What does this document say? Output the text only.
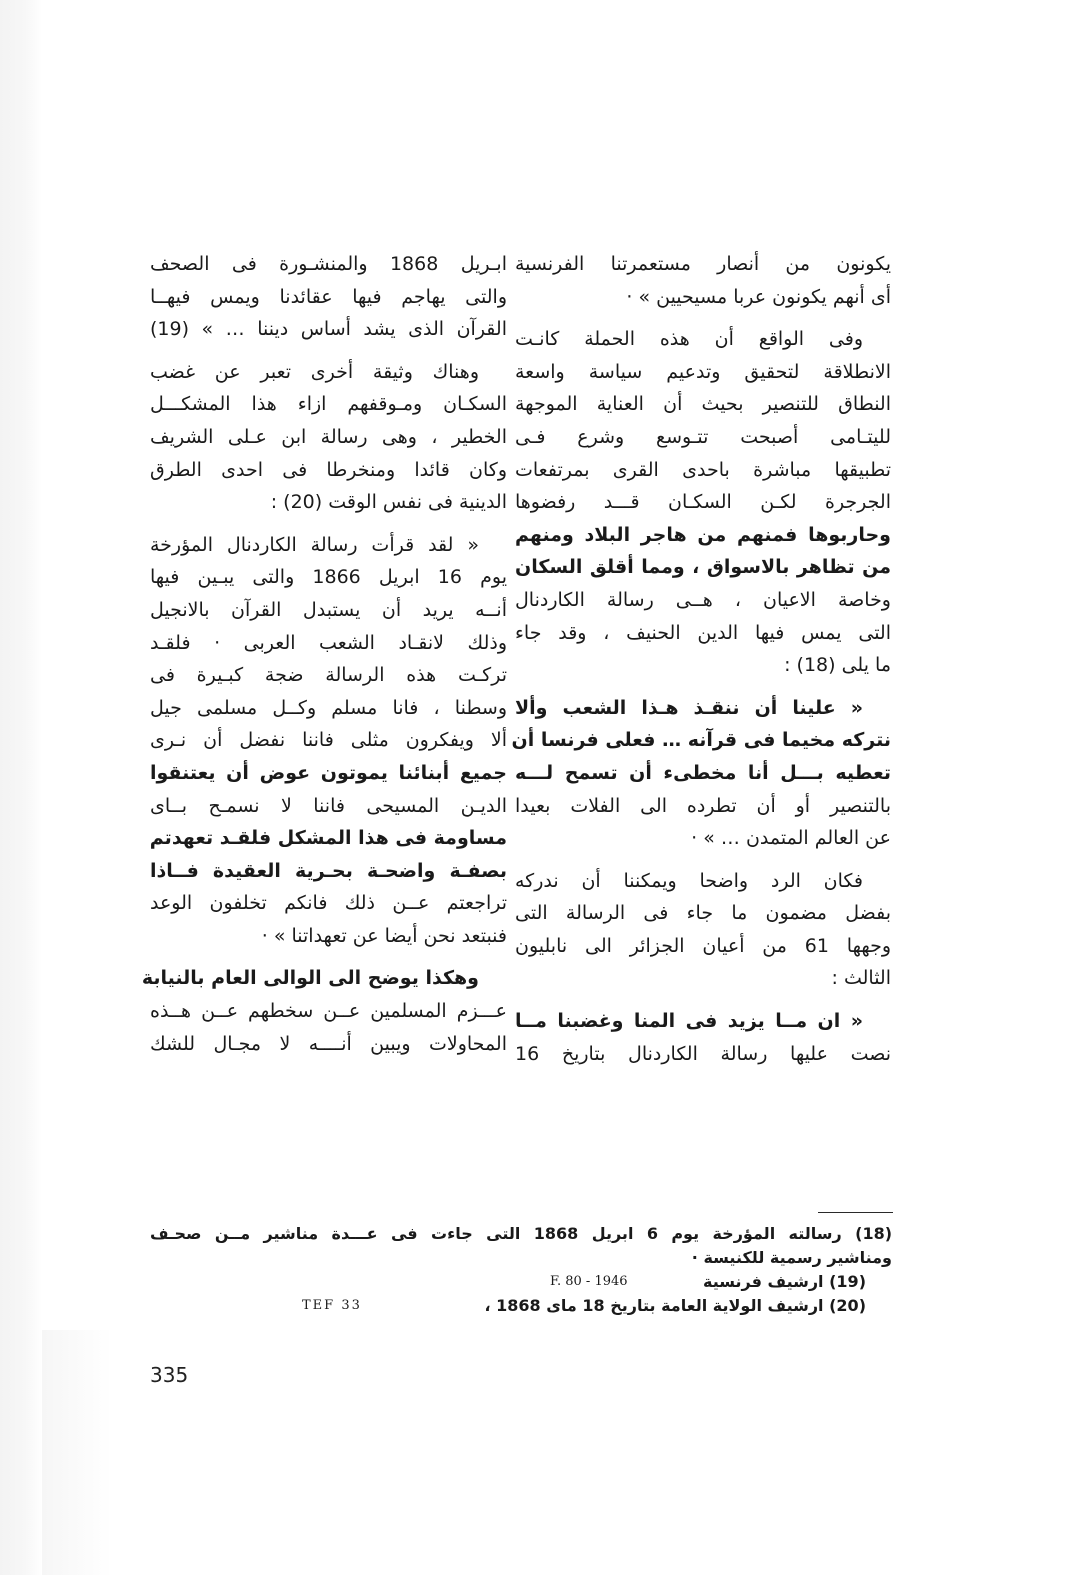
يكونون من أنصار مستعمرتنا الفرنسية
أى أنهم يكونون عربا مسيحيين » ·
وفى الواقع أن هذه الحملة كانـت
الانطلاقة لتحقيق وتدعيم سياسة واسعة
النطاق للتنصير بحيث أن العناية الموجهة
لليتـامى أصبحت تتـوسع وشرع فـى
تطبيقها مباشرة باحدى القرى بمرتفعات
الجرجرة لكـن السكـان قـــد رفضوها
وحاربوها فمنهم من هاجر البلاد ومنهم
من تظاهر بالاسواق ، ومما أقلق السكان
وخاصة الاعيان ، هــى رسالة الكاردنال
التى يمس فيها الدين الحنيف ، وقد جاء
ما يلى (18) :
« علينا أن ننقـذ هـذا الشعب وألا
نتركه مخيما فى قرآنه … فعلى فرنسا أن
تعطيه بـــل أنا مخطىء أن تسمح لـــه
بالتنصير أو أن تطرده الى الفلات بعيدا
عن العالم المتمدن … » ·
فكان الرد واضحا ويمكننا أن ندركه
بفضل مضمون ما جاء فى الرسالة التى
وجهها 61 من أعيان الجزائر الى نابليون
الثالث :
« ان مــا يزيد فى المنا وغضبنا مــا
نصت عليها رسالة الكاردنال بتاريخ 16
ابـريل 1868 والمنشـورة فى الصحف
والتى يهاجم فيها عقائدنا ويمس فيهــا
القرآن الذى يشد أساس ديننا … » (19)
وهناك وثيقة أخرى تعبر عن غضب
السكـان ومـوقفهم ازاء هذا المشكـــل
الخطير ، وهى رسالة ابن عـلى الشريف
وكان قائدا ومنخرطا فى احدى الطرق
الدينية فى نفس الوقت (20) :
« لقد قرأت رسالة الكاردنال المؤرخة
يوم 16 ابريل 1866 والتى يبـين فيها
أنــه يريد أن يستبدل القرآن بالانجيل
وذلك لانقـاد الشعب العربى · فلقـد
تركـت هذه الرسالة ضجة كبـيرة فى
وسطنا ، فانا مسلم وكــل مسلمى جيل
ألا ويفكرون مثلى فاننا نفضل أن نـرى
جميع أبنائنا يموتون عوض أن يعتنقوا
الديـن المسيحى فاننا لا نسمـح بــاى
مساومة فى هذا المشكل فلقـد تعهدتم
بصفـة واضحـة بحـرية العقيدة فــاذا
تراجعتم عــن ذلك فانكم تخلفون الوعد
فنبتعد نحن أيضا عن تعهداتنا » ·
وهكذا يوضح الى الوالى العام بالنيابة
عـــزم المسلمين عــن سخطهم عــن هــذه
المحاولات ويبين أنــــه لا مجـال للشك
(18) رسالته المؤرخة يوم 6 ابريل 1868 التى جاءت فى عـــدة مناشير مــن صحـف
ومناشير رسمية للكنيسة ·
(19) ارشيف فرنسية
F. 80 - 1946
(20) ارشيف الولاية العامة بتاريخ 18 ماى 1868 ،
TEF 33
335
